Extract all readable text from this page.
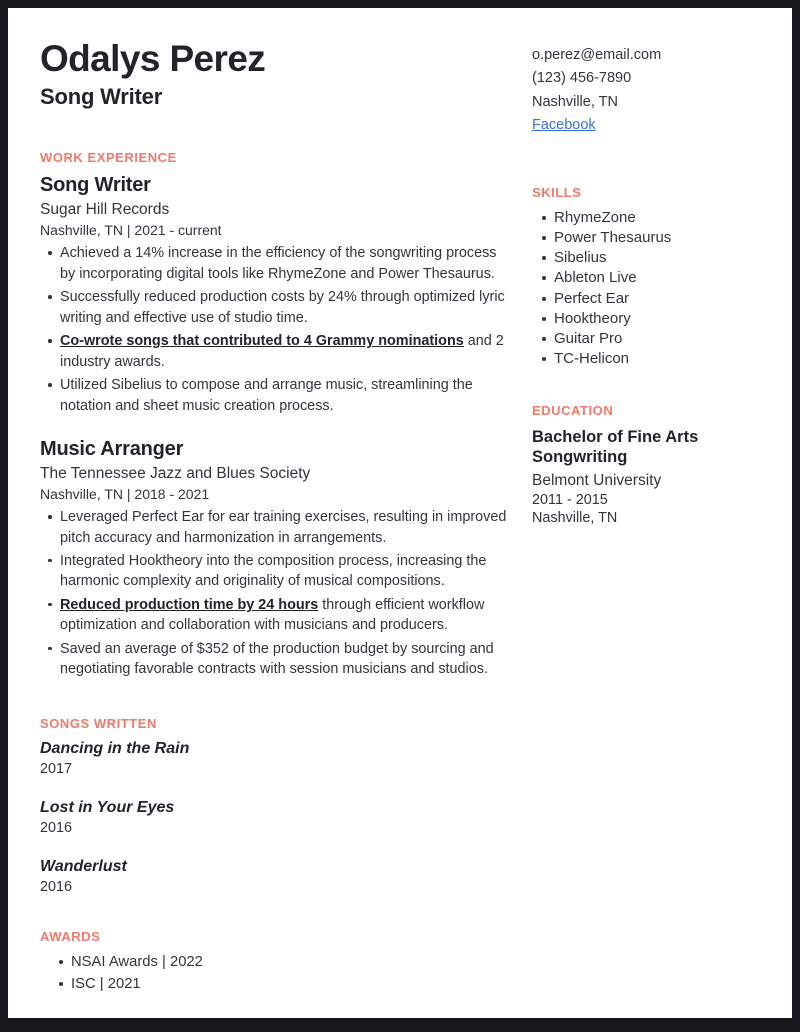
Odalys Perez
Song Writer
WORK EXPERIENCE
Song Writer
Sugar Hill Records
Nashville, TN | 2021 - current
Achieved a 14% increase in the efficiency of the songwriting process by incorporating digital tools like RhymeZone and Power Thesaurus.
Successfully reduced production costs by 24% through optimized lyric writing and effective use of studio time.
Co-wrote songs that contributed to 4 Grammy nominations and 2 industry awards.
Utilized Sibelius to compose and arrange music, streamlining the notation and sheet music creation process.
Music Arranger
The Tennessee Jazz and Blues Society
Nashville, TN | 2018 - 2021
Leveraged Perfect Ear for ear training exercises, resulting in improved pitch accuracy and harmonization in arrangements.
Integrated Hooktheory into the composition process, increasing the harmonic complexity and originality of musical compositions.
Reduced production time by 24 hours through efficient workflow optimization and collaboration with musicians and producers.
Saved an average of $352 of the production budget by sourcing and negotiating favorable contracts with session musicians and studios.
SONGS WRITTEN
Dancing in the Rain
2017
Lost in Your Eyes
2016
Wanderlust
2016
AWARDS
NSAI Awards | 2022
ISC | 2021
o.perez@email.com
(123) 456-7890
Nashville, TN
Facebook
SKILLS
RhymeZone
Power Thesaurus
Sibelius
Ableton Live
Perfect Ear
Hooktheory
Guitar Pro
TC-Helicon
EDUCATION
Bachelor of Fine Arts
Songwriting
Belmont University
2011 - 2015
Nashville, TN
